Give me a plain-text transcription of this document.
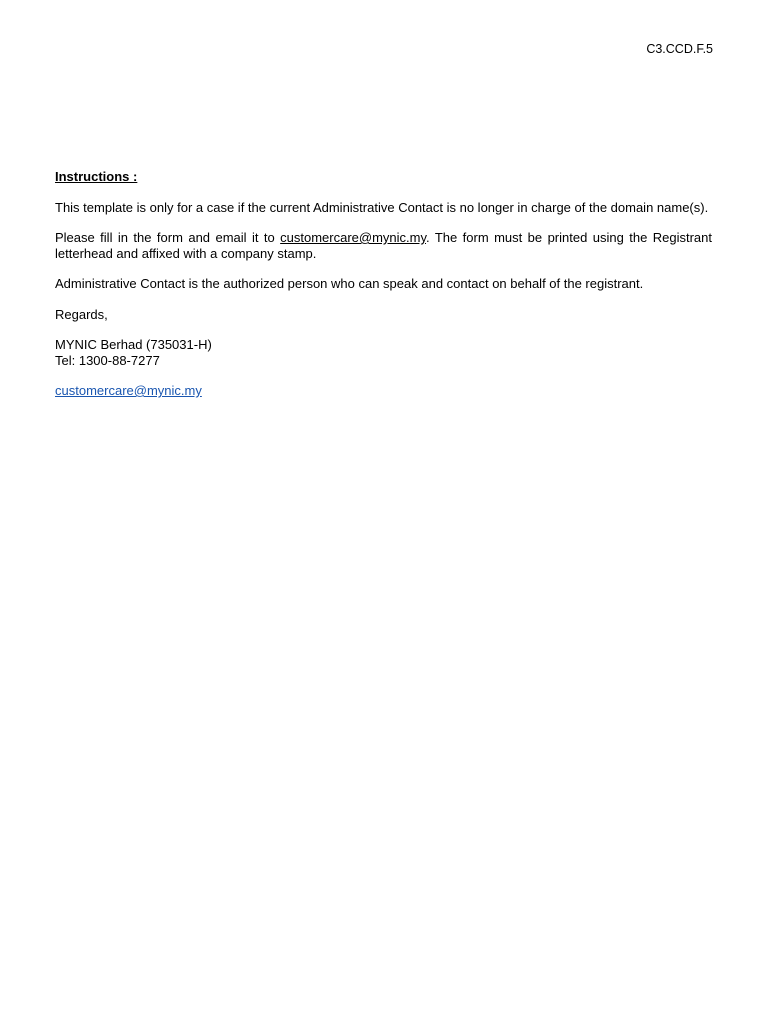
C3.CCD.F.5
Instructions :
This template is only for a case if the current Administrative Contact is no longer in charge of the domain name(s).
Please fill in the form and email it to customercare@mynic.my. The form must be printed using the Registrant letterhead and affixed with a company stamp.
Administrative Contact is the authorized person who can speak and contact on behalf of the registrant.
Regards,
MYNIC Berhad (735031-H)
Tel: 1300-88-7277
customercare@mynic.my
